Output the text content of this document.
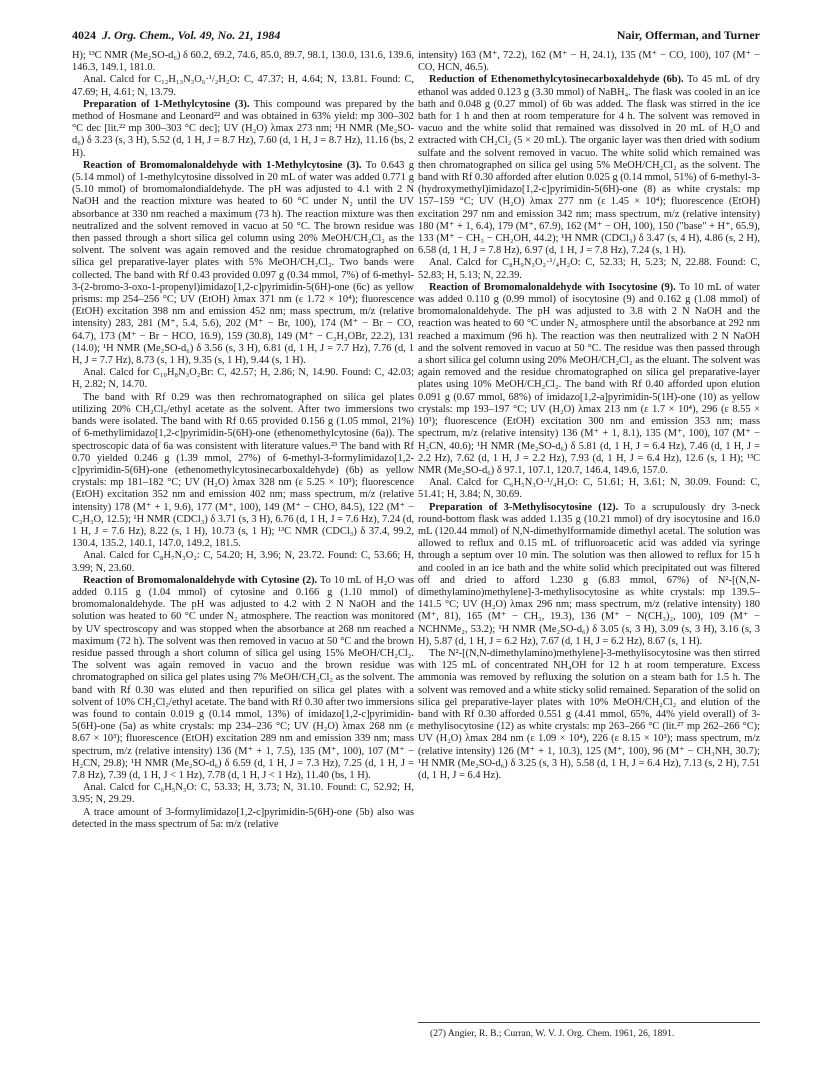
4024 J. Org. Chem., Vol. 49, No. 21, 1984	Nair, Offerman, and Turner

H); ¹³C NMR (Me₂SO-d₆) δ 60.2, 69.2, 74.6, 85.0, 89.7, 98.1, 130.0, 131.6, 139.6, 146.3, 149.1, 181.0.

Anal. Calcd for C₁₂H₁₃N₃O₆·¹/₂H₂O: C, 47.37; H, 4.64; N, 13.81. Found: C, 47.69; H, 4.61; N, 13.79.

Preparation of 1-Methylcytosine (3). This compound was prepared by the method of Hosmane and Leonard²² and was obtained in 63% yield: mp 300–302 °C dec [lit.²² mp 300–303 °C dec]; UV (H₂O) λmax 273 nm; ¹H NMR (Me₂SO-d₆) δ 3.23 (s, 3 H), 5.52 (d, 1 H, J = 8.7 Hz), 7.60 (d, 1 H, J = 8.7 Hz), 11.16 (bs, 2 H).

Reaction of Bromomalonaldehyde with 1-Methylcytosine (3). To 0.643 g (5.14 mmol) of 1-methylcytosine dissolved in 20 mL of water was added 0.771 g (5.10 mmol) of bromomalondialdehyde. The pH was adjusted to 4.1 with 2 N NaOH and the reaction mixture was heated to 60 °C under N₂ until the UV absorbance at 330 nm reached a maximum (73 h). The reaction mixture was then neutralized and the solvent removed in vacuo at 50 °C. The brown residue was then passed through a short silica gel column using 20% MeOH/CH₂Cl₂ as the solvent. The solvent was again removed and the residue chromatographed on silica gel preparative-layer plates with 5% MeOH/CH₂Cl₂. Two bands were collected. The band with Rf 0.43 provided 0.097 g (0.34 mmol, 7%) of 6-methyl-3-(2-bromo-3-oxo-1-propenyl)imidazo[1,2-c]pyrimidin-5(6H)-one (6c) as yellow prisms: mp 254–256 °C; UV (EtOH) λmax 371 nm (ε 1.72 × 10⁴); fluorescence (EtOH) excitation 398 nm and emission 452 nm; mass spectrum, m/z (relative intensity) 283, 281 (M⁺, 5.4, 5.6), 202 (M⁺ − Br, 100), 174 (M⁺ − Br − CO, 64.7), 173 (M⁺ − Br − HCO, 16.9), 159 (30.8), 149 (M⁺ − C₃H₃OBr, 22.2), 131 (14.0); ¹H NMR (Me₂SO-d₆) δ 3.56 (s, 3 H), 6.81 (d, 1 H, J = 7.7 Hz), 7.76 (d, 1 H, J = 7.7 Hz), 8.73 (s, 1 H), 9.35 (s, 1 H), 9.44 (s, 1 H).

Anal. Calcd for C₁₀H₈N₃O₂Br: C, 42.57; H, 2.86; N, 14.90. Found: C, 42.03; H, 2.82; N, 14.70.

The band with Rf 0.29 was then rechromatographed on silica gel plates utilizing 20% CH₂Cl₂/ethyl acetate as the solvent. After two immersions two bands were isolated. The band with Rf 0.65 provided 0.156 g (1.05 mmol, 21%) of 6-methylimidazo[1,2-c]pyrimidin-5(6H)-one (ethenomethylcytosine (6a)). The spectroscopic data of 6a was consistent with literature values.²³ The band with Rf 0.70 yielded 0.246 g (1.39 mmol, 27%) of 6-methyl-3-formylimidazo[1,2-c]pyrimidin-5(6H)-one (ethenomethylcytosinecarboxaldehyde) (6b) as yellow crystals: mp 181–182 °C; UV (H₂O) λmax 328 nm (ε 5.25 × 10³); fluorescence (EtOH) excitation 352 nm and emission 402 nm; mass spectrum, m/z (relative intensity) 178 (M⁺ + 1, 9.6), 177 (M⁺, 100), 149 (M⁺ − CHO, 84.5), 122 (M⁺ − C₂H₃O, 12.5); ¹H NMR (CDCl₃) δ 3.71 (s, 3 H), 6.76 (d, 1 H, J = 7.6 Hz), 7.24 (d, 1 H, J = 7.6 Hz), 8.22 (s, 1 H), 10.73 (s, 1 H); ¹³C NMR (CDCl₃) δ 37.4, 99.2, 130.4, 135.2, 140.1, 147.0, 149.2, 181.5.

Anal. Calcd for C₈H₇N₃O₂: C, 54.20; H, 3.96; N, 23.72. Found: C, 53.66; H, 3.99; N, 23.60.

Reaction of Bromomalonaldehyde with Cytosine (2). To 10 mL of H₂O was added 0.115 g (1.04 mmol) of cytosine and 0.166 g (1.10 mmol) of bromomalonaldehyde. The pH was adjusted to 4.2 with 2 N NaOH and the solution was heated to 60 °C under N₂ atmosphere. The reaction was monitored by UV spectroscopy and was stopped when the absorbance at 268 nm reached a maximum (72 h). The solvent was then removed in vacuo at 50 °C and the brown residue passed through a short column of silica gel using 15% MeOH/CH₂Cl₂. The solvent was again removed in vacuo and the brown residue was chromatographed on silica gel plates using 7% MeOH/CH₂Cl₂ as the solvent. The band with Rf 0.30 was eluted and then repurified on silica gel plates with a solvent of 10% CH₂Cl₂/ethyl acetate. The band with Rf 0.30 after two immersions was found to contain 0.019 g (0.14 mmol, 13%) of imidazo[1,2-c]pyrimidin-5(6H)-one (5a) as white crystals: mp 234–236 °C; UV (H₂O) λmax 268 nm (ε 8.67 × 10³); fluorescence (EtOH) excitation 289 nm and emission 339 nm; mass spectrum, m/z (relative intensity) 136 (M⁺ + 1, 7.5), 135 (M⁺, 100), 107 (M⁺ − H₂CN, 29.8); ¹H NMR (Me₂SO-d₆) δ 6.59 (d, 1 H, J = 7.3 Hz), 7.25 (d, 1 H, J = 7.8 Hz), 7.39 (d, 1 H, J < 1 Hz), 7.78 (d, 1 H, J < 1 Hz), 11.40 (bs, 1 H).

Anal. Calcd for C₆H₅N₃O: C, 53.33; H, 3.73; N, 31.10. Found: C, 52.92; H, 3.95; N, 29.29.

A trace amount of 3-formylimidazo[1,2-c]pyrimidin-5(6H)-one (5b) also was detected in the mass spectrum of 5a: m/z (relative

intensity) 163 (M⁺, 72.2), 162 (M⁺ − H, 24.1), 135 (M⁺ − CO, 100), 107 (M⁺ − CO, HCN, 46.5).

Reduction of Ethenomethylcytosinecarboxaldehyde (6b). To 45 mL of dry ethanol was added 0.123 g (3.30 mmol) of NaBH₄. The flask was cooled in an ice bath and 0.048 g (0.27 mmol) of 6b was added. The flask was stirred in the ice bath for 1 h and then at room temperature for 4 h. The solvent was removed in vacuo and the white solid that remained was dissolved in 20 mL of H₂O and extracted with CH₂Cl₂ (5 × 20 mL). The organic layer was then dried with sodium sulfate and the solvent removed in vacuo. The white solid which remained was then chromatographed on silica gel using 5% MeOH/CH₂Cl₂ as the solvent. The band with Rf 0.30 afforded after elution 0.025 g (0.14 mmol, 51%) of 6-methyl-3-(hydroxymethyl)imidazo[1,2-c]pyrimidin-5(6H)-one (8) as white crystals: mp 157–159 °C; UV (H₂O) λmax 277 nm (ε 1.45 × 10⁴); fluorescence (EtOH) excitation 297 nm and emission 342 nm; mass spectrum, m/z (relative intensity) 180 (M⁺ + 1, 6.4), 179 (M⁺, 67.9), 162 (M⁺ − OH, 100), 150 ("base" + H⁺, 65.9), 133 (M⁺ − CH₃ − CH₂OH, 44.2); ¹H NMR (CDCl₃) δ 3.47 (s, 4 H), 4.86 (s, 2 H), 6.58 (d, 1 H, J = 7.8 Hz), 6.97 (d, 1 H, J = 7.8 Hz), 7.24 (s, 1 H).

Anal. Calcd for C₈H₉N₃O₂·¹/₄H₂O: C, 52.33; H, 5.23; N, 22.88. Found: C, 52.83; H, 5.13; N, 22.39.

Reaction of Bromomalonaldehyde with Isocytosine (9). To 10 mL of water was added 0.110 g (0.99 mmol) of isocytosine (9) and 0.162 g (1.08 mmol) of bromomalonaldehyde. The pH was adjusted to 3.8 with 2 N NaOH and the reaction was heated to 60 °C under N₂ atmosphere until the absorbance at 292 nm reached a maximum (96 h). The reaction was then neutralized with 2 N NaOH and the solvent removed in vacuo at 50 °C. The residue was then passed through a short silica gel column using 20% MeOH/CH₂Cl₂ as the eluant. The solvent was again removed and the residue chromatographed on silica gel preparative-layer plates using 10% MeOH/CH₂Cl₂. The band with Rf 0.40 afforded upon elution 0.091 g (0.67 mmol, 68%) of imidazo[1,2-a]pyrimidin-5(1H)-one (10) as yellow crystals: mp 193–197 °C; UV (H₂O) λmax 213 nm (ε 1.7 × 10⁴), 296 (ε 8.55 × 10³); fluorescence (EtOH) excitation 300 nm and emission 353 nm; mass spectrum, m/z (relative intensity) 136 (M⁺ + 1, 8.1), 135 (M⁺, 100), 107 (M⁺ − H₂CN, 40.6); ¹H NMR (Me₂SO-d₆) δ 5.81 (d, 1 H, J = 6.4 Hz), 7.46 (d, 1 H, J = 2.2 Hz), 7.62 (d, 1 H, J = 2.2 Hz), 7.93 (d, 1 H, J = 6.4 Hz), 12.6 (s, 1 H); ¹³C NMR (Me₂SO-d₆) δ 97.1, 107.1, 120.7, 146.4, 149.6, 157.0.

Anal. Calcd for C₆H₅N₃O·¹/₄H₂O: C, 51.61; H, 3.61; N, 30.09. Found: C, 51.41; H, 3.84; N, 30.69.

Preparation of 3-Methylisocytosine (12). To a scrupulously dry 3-neck round-bottom flask was added 1.135 g (10.21 mmol) of dry isocytosine and 16.0 mL (120.44 mmol) of N,N-dimethylformamide dimethyl acetal. The solution was allowed to reflux and 0.15 mL of trifluoroacetic acid was added via syringe through a septum over 10 min. The solution was then allowed to reflux for 15 h and cooled in an ice bath and the white solid which precipitated out was filtered off and dried to afford 1.230 g (6.83 mmol, 67%) of N²-[(N,N-dimethylamino)methylene]-3-methylisocytosine as white crystals: mp 139.5–141.5 °C; UV (H₂O) λmax 296 nm; mass spectrum, m/z (relative intensity) 180 (M⁺, 81), 165 (M⁺ − CH₃, 19.3), 136 (M⁺ − N(CH₃)₂, 100), 109 (M⁺ − NCHNMe₂, 53.2); ¹H NMR (Me₂SO-d₆) δ 3.05 (s, 3 H), 3.09 (s, 3 H), 3.16 (s, 3 H), 5.87 (d, 1 H, J = 6.2 Hz), 7.67 (d, 1 H, J = 6.2 Hz), 8.67 (s, 1 H).

The N²-[(N,N-dimethylamino)methylene]-3-methylisocytosine was then stirred with 125 mL of concentrated NH₄OH for 12 h at room temperature. Excess ammonia was removed by refluxing the solution on a steam bath for 1.5 h. The solvent was removed and a white sticky solid remained. Separation of the solid on silica gel preparative-layer plates with 10% MeOH/CH₂Cl₂ and elution of the band with Rf 0.30 afforded 0.551 g (4.41 mmol, 65%, 44% yield overall) of 3-methylisocytosine (12) as white crystals: mp 263–266 °C (lit.²⁷ mp 262–266 °C); UV (H₂O) λmax 284 nm (ε 1.09 × 10⁴), 226 (ε 8.15 × 10³); mass spectrum, m/z (relative intensity) 126 (M⁺ + 1, 10.3), 125 (M⁺, 100), 96 (M⁺ − CH₃NH, 30.7); ¹H NMR (Me₂SO-d₆) δ 3.25 (s, 3 H), 5.58 (d, 1 H, J = 6.4 Hz), 7.13 (s, 2 H), 7.51 (d, 1 H, J = 6.4 Hz).

(27) Angier, R. B.; Curran, W. V. J. Org. Chem. 1961, 26, 1891.
